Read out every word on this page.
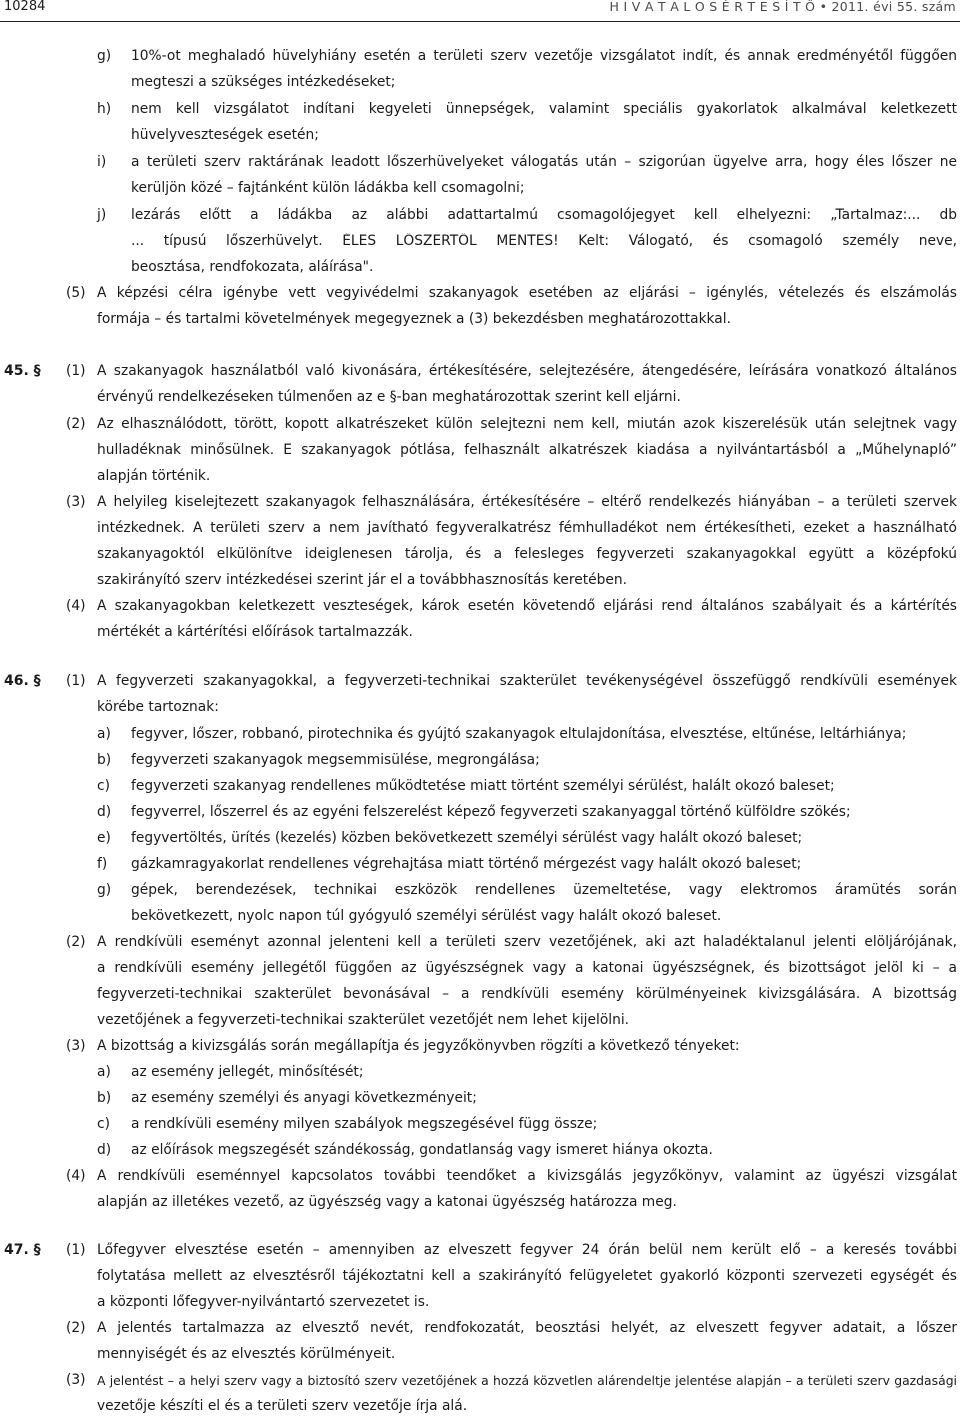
10284	H I V A T A L O S É R T E S Í T Ő • 2011. évi 55. szám
g) 10%-ot meghaladó hüvelyhiány esetén a területi szerv vezetője vizsgálatot indít, és annak eredményétől függően
megteszi a szükséges intézkedéseket;
h) nem kell vizsgálatot indítani kegyeleti ünnepségek, valamint speciális gyakorlatok alkalmával keletkezett
hüvelyveszteségek esetén;
i) a területi szerv raktárának leadott lőszerhüvelyeket válogatás után – szigorúan ügyelve arra, hogy éles lőszer ne
kerüljön közé – fajtánként külön ládákba kell csomagolni;
j) lezárás előtt a ládákba az alábbi adattartalmú csomagolójegyet kell elhelyezni: „Tartalmaz:... db
... típusú lőszerhüvelyt. ÉLES LŐSZERTŐL MENTES! Kelt: Válogató, és csomagoló személy neve,
beosztása, rendfokozata, aláírása".
(5) A képzési célra igénybe vett vegyivédelmi szakanyagok esetében az eljárási – igénylés, vételezés és elszámolás
formája – és tartalmi követelmények megegyeznek a (3) bekezdésben meghatározottakkal.
45. § (1) A szakanyagok használatból való kivonására, értékesítésére, selejtezésére, átengedésére, leírására vonatkozó általános
érvényű rendelkezéseken túlmenően az e §-ban meghatározottak szerint kell eljárni.
(2) Az elhasználódott, törött, kopott alkatrészeket külön selejtezni nem kell, miután azok kiszerelésük után selejtnek vagy
hulladéknak minősülnek. E szakanyagok pótlása, felhasznált alkatrészek kiadása a nyilvántartásból a „Műhelynapló”
alapján történik.
(3) A helyileg kiselejtezett szakanyagok felhasználására, értékesítésére – eltérő rendelkezés hiányában – a területi szervek
intézkednek. A területi szerv a nem javítható fegyveralkatrész fémhulladékot nem értékesítheti, ezeket a használható
szakanyagoktól elkülönítve ideiglenesen tárolja, és a felesleges fegyverzeti szakanyagokkal együtt a középfokú
szakirányító szerv intézkedései szerint jár el a továbbhasznosítás keretében.
(4) A szakanyagokban keletkezett veszteségek, károk esetén követendő eljárási rend általános szabályait és a kártérítés
mértékét a kártérítési előírások tartalmazzák.
46. § (1) A fegyverzeti szakanyagokkal, a fegyverzeti-technikai szakterület tevékenységével összefüggő rendkívüli események
körébe tartoznak:
a) fegyver, lőszer, robbanó, pirotechnika és gyújtó szakanyagok eltulajdonítása, elvesztése, eltűnése, leltárhiánya;
b) fegyverzeti szakanyagok megsemmisülése, megrongálása;
c) fegyverzeti szakanyag rendellenes működtetése miatt történt személyi sérülést, halált okozó baleset;
d) fegyverrel, lőszerrel és az egyéni felszerelést képező fegyverzeti szakanyaggal történő külföldre szökés;
e) fegyvertöltés, ürítés (kezelés) közben bekövetkezett személyi sérülést vagy halált okozó baleset;
f) gázkamragyakorlat rendellenes végrehajtása miatt történő mérgezést vagy halált okozó baleset;
g) gépek, berendezések, technikai eszközök rendellenes üzemeltetése, vagy elektromos áramütés során
bekövetkezett, nyolc napon túl gyógyuló személyi sérülést vagy halált okozó baleset.
(2) A rendkívüli eseményt azonnal jelenteni kell a területi szerv vezetőjének, aki azt haladéktalanul jelenti elöljárójának,
a rendkívüli esemény jellegétől függően az ügyészségnek vagy a katonai ügyészségnek, és bizottságot jelöl ki – a
fegyverzeti-technikai szakterület bevonásával – a rendkívüli esemény körülményeinek kivizsgálására. A bizottság
vezetőjének a fegyverzeti-technikai szakterület vezetőjét nem lehet kijelölni.
(3) A bizottság a kivizsgálás során megállapítja és jegyzőkönyvben rögzíti a következő tényeket:
a) az esemény jellegét, minősítését;
b) az esemény személyi és anyagi következményeit;
c) a rendkívüli esemény milyen szabályok megszegésével függ össze;
d) az előírások megszegését szándékosság, gondatlanság vagy ismeret hiánya okozta.
(4) A rendkívüli eseménnyel kapcsolatos további teendőket a kivizsgálás jegyzőkönyv, valamint az ügyészi vizsgálat
alapján az illetékes vezető, az ügyészség vagy a katonai ügyészség határozza meg.
47. § (1) Lőfegyver elvesztése esetén – amennyiben az elveszett fegyver 24 órán belül nem került elő – a keresés további
folytatása mellett az elvesztésről tájékoztatni kell a szakirányító felügyeletet gyakorló központi szervezeti egységét és
a központi lőfegyver-nyilvántartó szervezetet is.
(2) A jelentés tartalmazza az elvesztő nevét, rendfokozatát, beosztási helyét, az elveszett fegyver adatait, a lőszer
mennyiségét és az elvesztés körülményeit.
(3) A jelentést – a helyi szerv vagy a biztosító szerv vezetőjének a hozzá közvetlen alárendeltje jelentése alapján – a területi szerv gazdasági
vezetője készíti el és a területi szerv vezetője írja alá.
